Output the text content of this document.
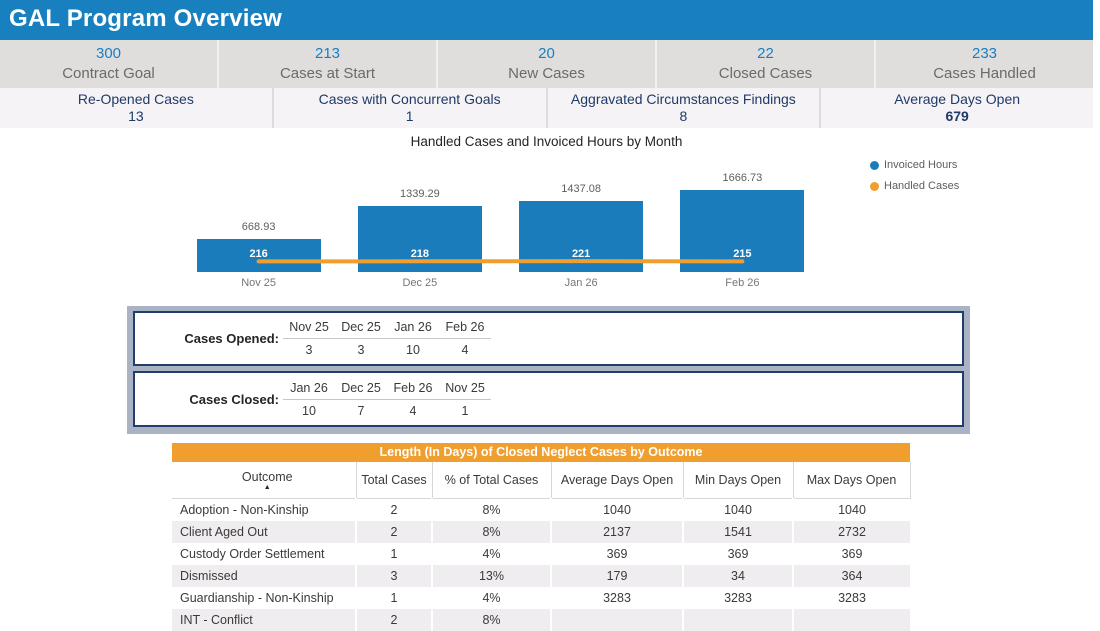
GAL Program Overview
300
Contract Goal
213
Cases at Start
20
New Cases
22
Closed Cases
233
Cases Handled
Re-Opened Cases
13
Cases with Concurrent Goals
1
Aggravated Circumstances Findings
8
Average Days Open
679
Handled Cases and Invoiced Hours by Month
668.93
216
Nov 25
1339.29
218
Dec 25
1437.08
221
Jan 26
1666.73
215
Feb 26
Invoiced Hours
Handled Cases
Cases Opened:
Nov 25 Dec 25	Jan 26	Feb 26
3	3	10	4
Cases Closed:
Jan 26	Dec 25	Feb 26	Nov 25
10	7	4	1
Length (In Days) of Closed Neglect Cases by Outcome
Outcome
▲	Total Cases	% of Total Cases	Average Days Open	Min Days Open	Max Days Open
Adoption - Non-Kinship	2	8%	1040	1040	1040
Client Aged Out	2	8%	2137	1541	2732
Custody Order Settlement	1	4%	369	369	369
Dismissed	3	13%	179	34	364
Guardianship - Non-Kinship	1	4%	3283	3283	3283
INT - Conflict	2	8%			
